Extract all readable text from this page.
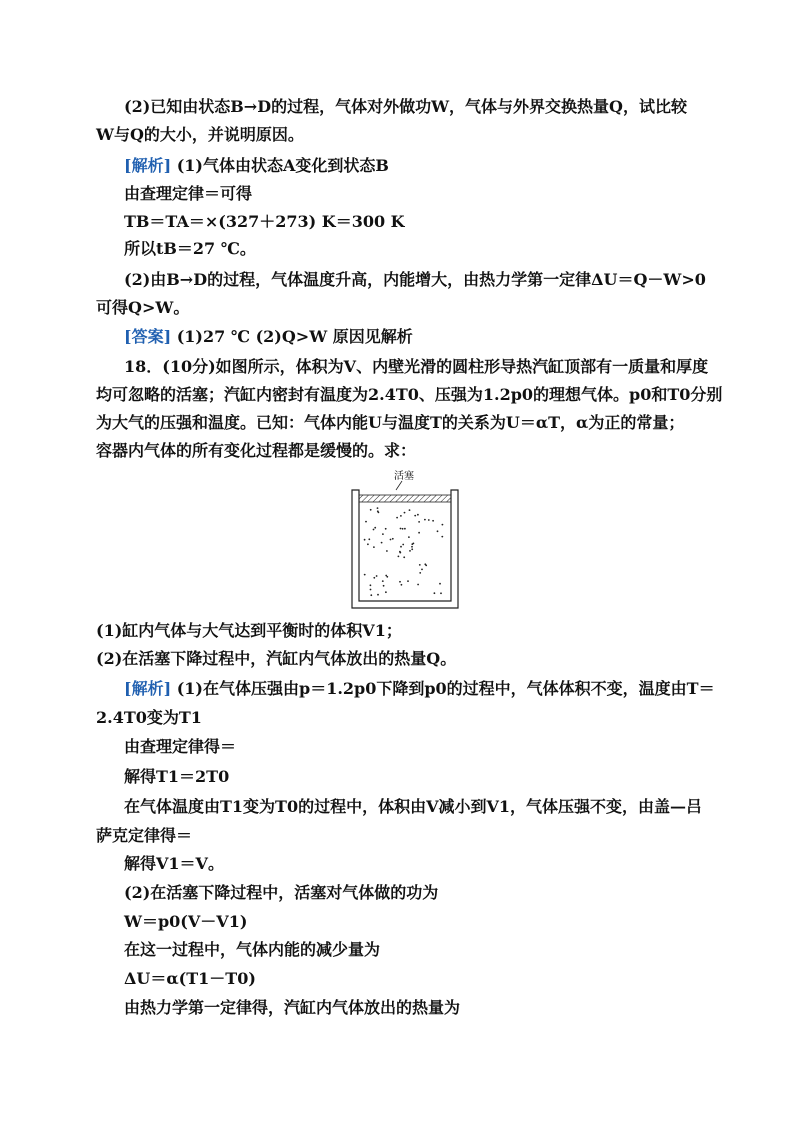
(2)已知由状态B→D的过程，气体对外做功W，气体与外界交换热量Q，试比较
W与Q的大小，并说明原因。
[解析] (1)气体由状态A变化到状态B
由查理定律＝可得
TB＝TA＝×(327＋273) K＝300 K
所以tB＝27 ℃。
(2)由B→D的过程，气体温度升高，内能增大，由热力学第一定律ΔU＝Q－W>0
可得Q>W。
[答案] (1)27 ℃ (2)Q>W 原因见解析
18．(10分)如图所示，体积为V、内壁光滑的圆柱形导热汽缸顶部有一质量和厚度
均可忽略的活塞；汽缸内密封有温度为2.4T0、压强为1.2p0的理想气体。p0和T0分别
为大气的压强和温度。已知：气体内能U与温度T的关系为U＝αT，α为正的常量；
容器内气体的所有变化过程都是缓慢的。求：
活塞
(1)缸内气体与大气达到平衡时的体积V1；
(2)在活塞下降过程中，汽缸内气体放出的热量Q。
[解析] (1)在气体压强由p＝1.2p0下降到p0的过程中，气体体积不变，温度由T＝
2.4T0变为T1
由查理定律得＝
解得T1＝2T0
在气体温度由T1变为T0的过程中，体积由V减小到V1，气体压强不变，由盖—吕
萨克定律得＝
解得V1＝V。
(2)在活塞下降过程中，活塞对气体做的功为
W＝p0(V－V1)
在这一过程中，气体内能的减少量为
ΔU＝α(T1－T0)
由热力学第一定律得，汽缸内气体放出的热量为
